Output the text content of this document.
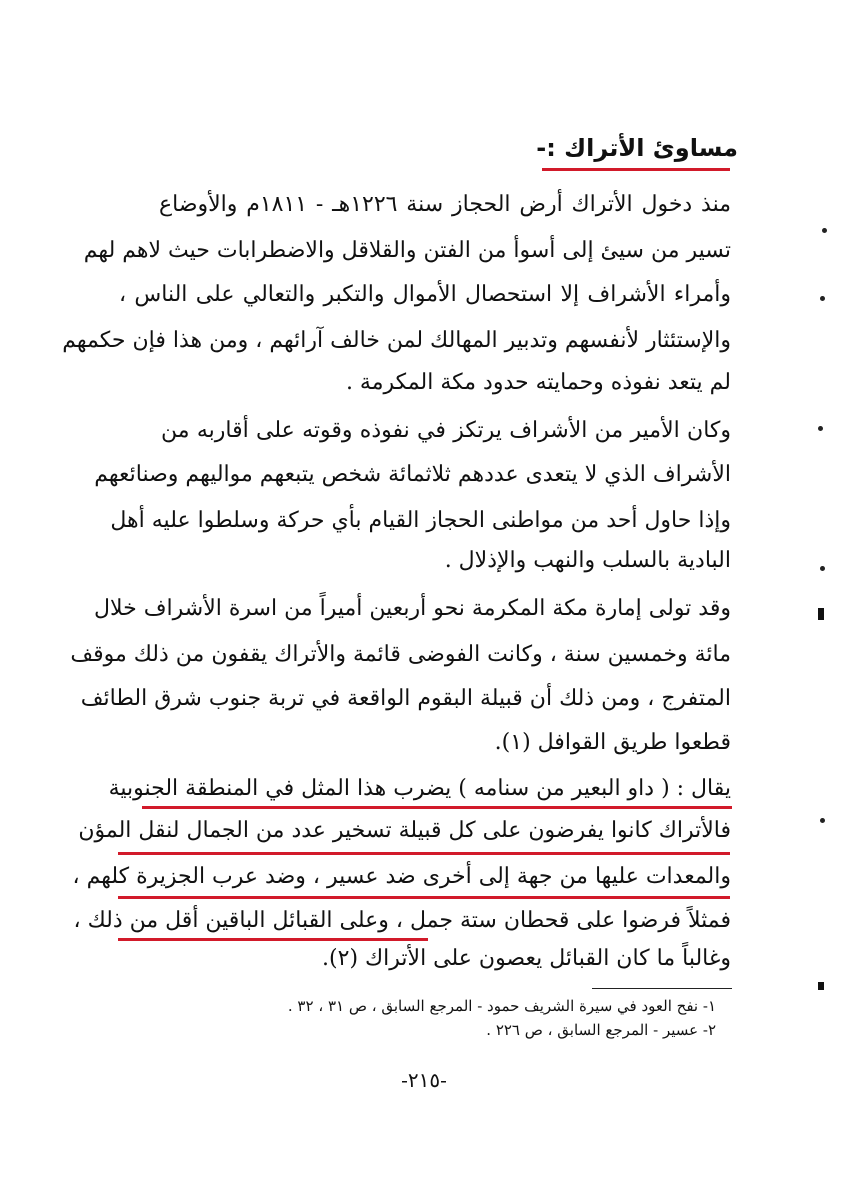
مساوئ الأتراك :-
منذ دخول الأتراك أرض الحجاز سنة ١٢٢٦هـ - ١٨١١م والأوضاع
تسير من سيئ إلى أسوأ من الفتن والقلاقل والاضطرابات حيث لاهم لهم
وأمراء الأشراف إلا استحصال الأموال والتكبر والتعالي على الناس ،
والإستئثار لأنفسهم وتدبير المهالك لمن خالف آرائهم ، ومن هذا فإن حكمهم
لم يتعد نفوذه وحمايته حدود مكة المكرمة .
وكان الأمير من الأشراف يرتكز في نفوذه وقوته على أقاربه من
الأشراف الذي لا يتعدى عددهم ثلاثمائة شخص يتبعهم مواليهم وصنائعهم
وإذا حاول أحد من مواطنى الحجاز القيام بأي حركة وسلطوا عليه أهل
البادية بالسلب والنهب والإذلال .
وقد تولى إمارة مكة المكرمة نحو أربعين أميراً من اسرة الأشراف خلال
مائة وخمسين سنة ، وكانت الفوضى قائمة والأتراك يقفون من ذلك موقف
المتفرج ، ومن ذلك أن قبيلة البقوم الواقعة في تربة جنوب شرق الطائف
قطعوا طريق القوافل (١).
يقال : ( داو البعير من سنامه ) يضرب هذا المثل في المنطقة الجنوبية
فالأتراك كانوا يفرضون على كل قبيلة تسخير عدد من الجمال لنقل المؤن
والمعدات عليها من جهة إلى أخرى ضد عسير ، وضد عرب الجزيرة كلهم ،
فمثلاً فرضوا على قحطان ستة جمل ، وعلى القبائل الباقين أقل من ذلك ،
وغالباً ما كان القبائل يعصون على الأتراك (٢).
١- نفح العود في سيرة الشريف حمود - المرجع السابق ، ص ٣١ ، ٣٢ .
٢- عسير - المرجع السابق ، ص ٢٢٦ .
-٢١٥-
